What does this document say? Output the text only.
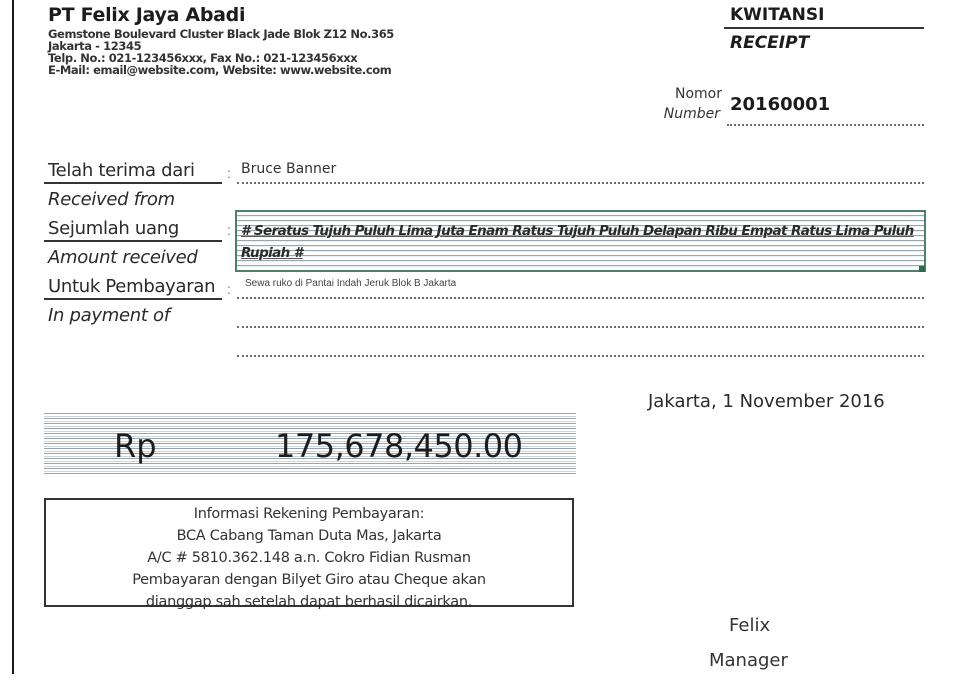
PT Felix Jaya Abadi
Gemstone Boulevard Cluster Black Jade Blok Z12 No.365
Jakarta - 12345
Telp. No.: 021-123456xxx, Fax No.: 021-123456xxx
E-Mail: email@website.com, Website: www.website.com
KWITANSI
RECEIPT
Nomor
Number 20160001
Telah terima dari
Received from
: Bruce Banner
Sejumlah uang
Amount received
: # Seratus Tujuh Puluh Lima Juta Enam Ratus Tujuh Puluh Delapan Ribu Empat Ratus Lima Puluh Rupiah #
Untuk Pembayaran
In payment of
: Sewa ruko di Pantai Indah Jeruk Blok B Jakarta
Jakarta, 1 November 2016
Rp	175,678,450.00
Informasi Rekening Pembayaran:
BCA Cabang Taman Duta Mas, Jakarta
A/C # 5810.362.148 a.n. Cokro Fidian Rusman
Pembayaran dengan Bilyet Giro atau Cheque akan
dianggap sah setelah dapat berhasil dicairkan.
Felix
Manager
